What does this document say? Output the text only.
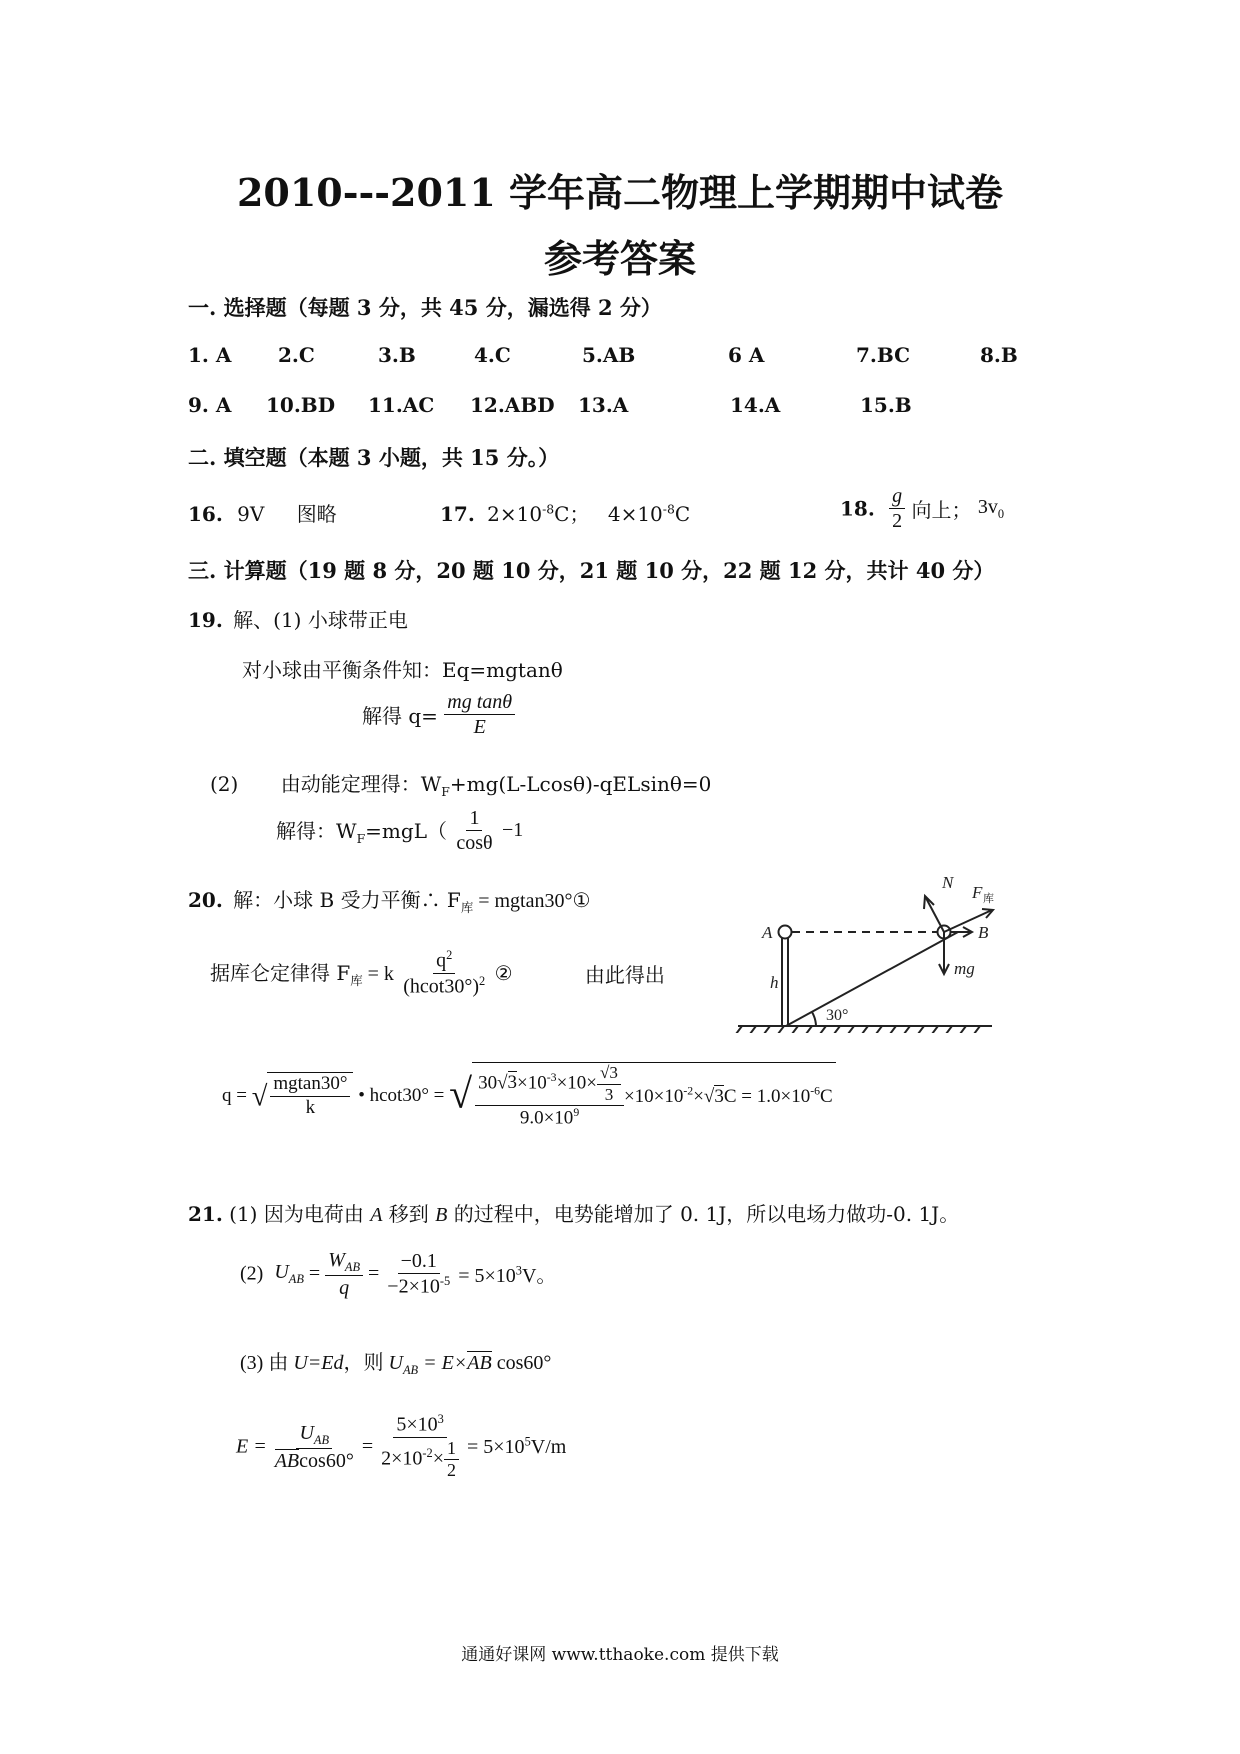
2010---2011 学年高二物理上学期期中试卷
参考答案
一. 选择题（每题 3 分，共 45 分，漏选得 2 分）
1. A 2.C	3.B	4.C	5.AB	6 A	7.BC	8.B
9. A 10.BD 11.AC 12.ABD 13.A	14.A	15.B
二. 填空题（本题 3 小题，共 15 分。）
16. 9V 图略	17. $2\times 10^{-8}C$； $4\times 10^{-8}C$	18. $\frac{g}{2}$ 向上； $3v_0$
三. 计算题（19 题 8 分，20 题 10 分，21 题 10 分，22 题 12 分，共计 40 分）
19. 解、(1) 小球带正电
对小球由平衡条件知：Eq=mgtanθ
解得 $q= \frac{\text{mg tanθ}}{E}$
(2) 由动能定理得：$W_F+mg(L-Lcos\theta)-qELsin\theta=0$
解得：$W_F=mgL( \frac{1}{\cos\theta} -1$
20. 解：小球 B 受力平衡∴ $F_库$ = mgtan30°①
据库仑定律得 $F_库 = k \frac{q^2}{(hcot30^\circ)^2}$ ②	由此得出
N
F 库
A	B
h
mg
30°
q = √ $\frac{mgtan30^\circ}{k}$ • hcot30° = √ $\frac{30√3\times 10^{-3}\times 10\times \frac{√3}{3}}{9.0\times 10^9} \times 10\times 10^{-2}\times√3C = 1.0\times 10^{-6}C$
21. (1) 因为电荷由 A 移到 B 的过程中，电势能增加了 0. 1J，所以电场力做功-0. 1J。
(2) $U_{AB} = \frac{W_{AB}}{q} = \frac{-0.1}{-2\times 10^{-5}} = 5\times 10^3V$。
(3) 由 U=Ed，则 $U_{AB} = E\times AB$ cos60°
$E = \frac{U_{AB}}{ABcos60^\circ} = \frac{5\times 10^3}{2\times 10^{-2}\times \frac{1}{2}} = 5\times 10^5V/m$
通通好课网 www.tthaoke.com 提供下载
